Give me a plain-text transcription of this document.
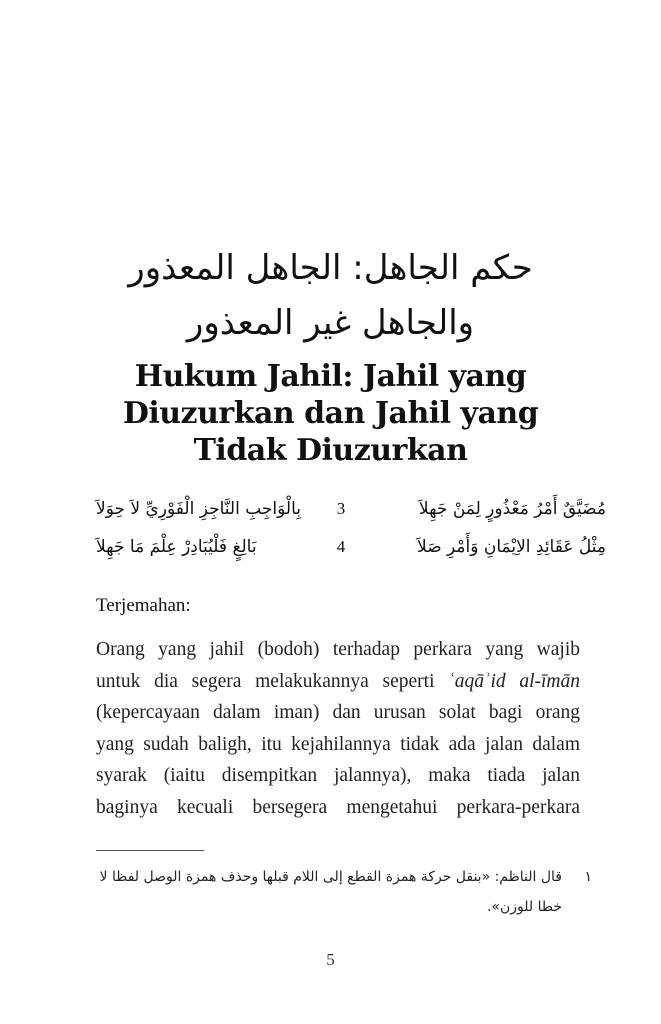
حكم الجاهل: الجاهل المعذور
والجاهل غير المعذور
Hukum Jahil: Jahil yang
Diuzurkan dan Jahil yang
Tidak Diuzurkan
مُضَيَّقٌ أَمْرُ مَعْذُورٍ لِمَنْ جَهِلاَ
3
بِالْوَاجِبِ النَّاجِزِ الْفَوْرِيِّ لاَ حِوَلاَ
مِثْلُ عَقَائِدِ الاِيْمَانِ وَأَمْرِ صَلاَ
4
بَالِغٍ فَلْيُبَادِرْ عِلْمَ مَا جَهِلاَ
Terjemahan:
Orang yang jahil (bodoh) terhadap perkara yang wajib
untuk dia segera melakukannya seperti ʿaqāʾid al-īmān
(kepercayaan dalam iman) dan urusan solat bagi orang
yang sudah baligh, itu kejahilannya tidak ada jalan dalam
syarak (iaitu disempitkan jalannya), maka tiada jalan
baginya kecuali bersegera mengetahui perkara-perkara
١قال الناظم: «بنقل حركة همزة القطع إلى اللام قبلها وحذف همزة الوصل لفظا لا
خطا للوزن».
5
